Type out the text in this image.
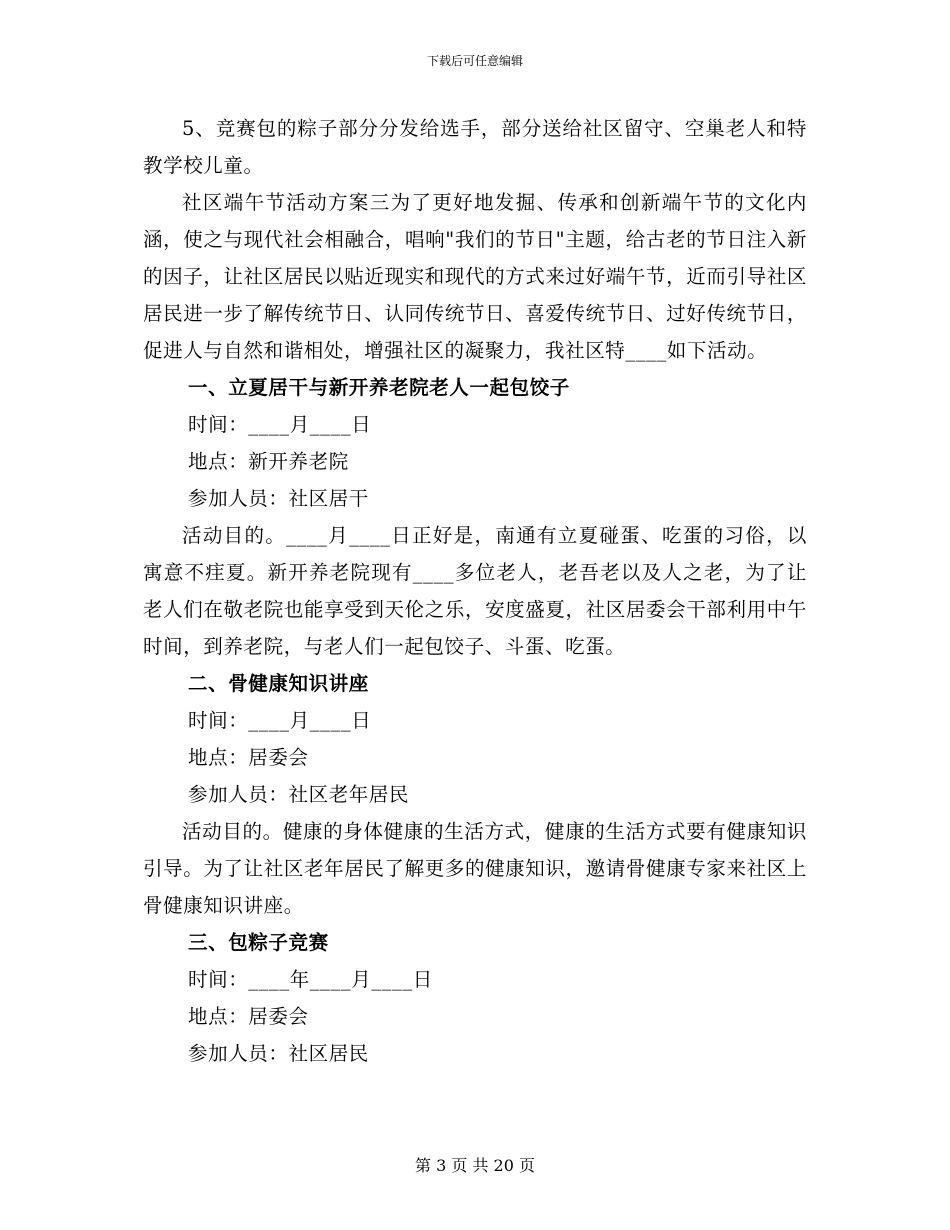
下载后可任意编辑

5、竞赛包的粽子部分分发给选手，部分送给社区留守、空巢老人和特教学校儿童。

社区端午节活动方案三为了更好地发掘、传承和创新端午节的文化内涵，使之与现代社会相融合，唱响"我们的节日"主题，给古老的节日注入新的因子，让社区居民以贴近现实和现代的方式来过好端午节，近而引导社区居民进一步了解传统节日、认同传统节日、喜爱传统节日、过好传统节日，促进人与自然和谐相处，增强社区的凝聚力，我社区特____如下活动。

一、立夏居干与新开养老院老人一起包饺子

时间：____月____日

地点：新开养老院

参加人员：社区居干

活动目的。____月____日正好是，南通有立夏碰蛋、吃蛋的习俗，以寓意不疰夏。新开养老院现有____多位老人，老吾老以及人之老，为了让老人们在敬老院也能享受到天伦之乐，安度盛夏，社区居委会干部利用中午时间，到养老院，与老人们一起包饺子、斗蛋、吃蛋。

二、骨健康知识讲座

时间：____月____日

地点：居委会

参加人员：社区老年居民

活动目的。健康的身体健康的生活方式，健康的生活方式要有健康知识引导。为了让社区老年居民了解更多的健康知识，邀请骨健康专家来社区上骨健康知识讲座。

三、包粽子竞赛

时间：____年____月____日

地点：居委会

参加人员：社区居民

第 3 页 共 20 页
